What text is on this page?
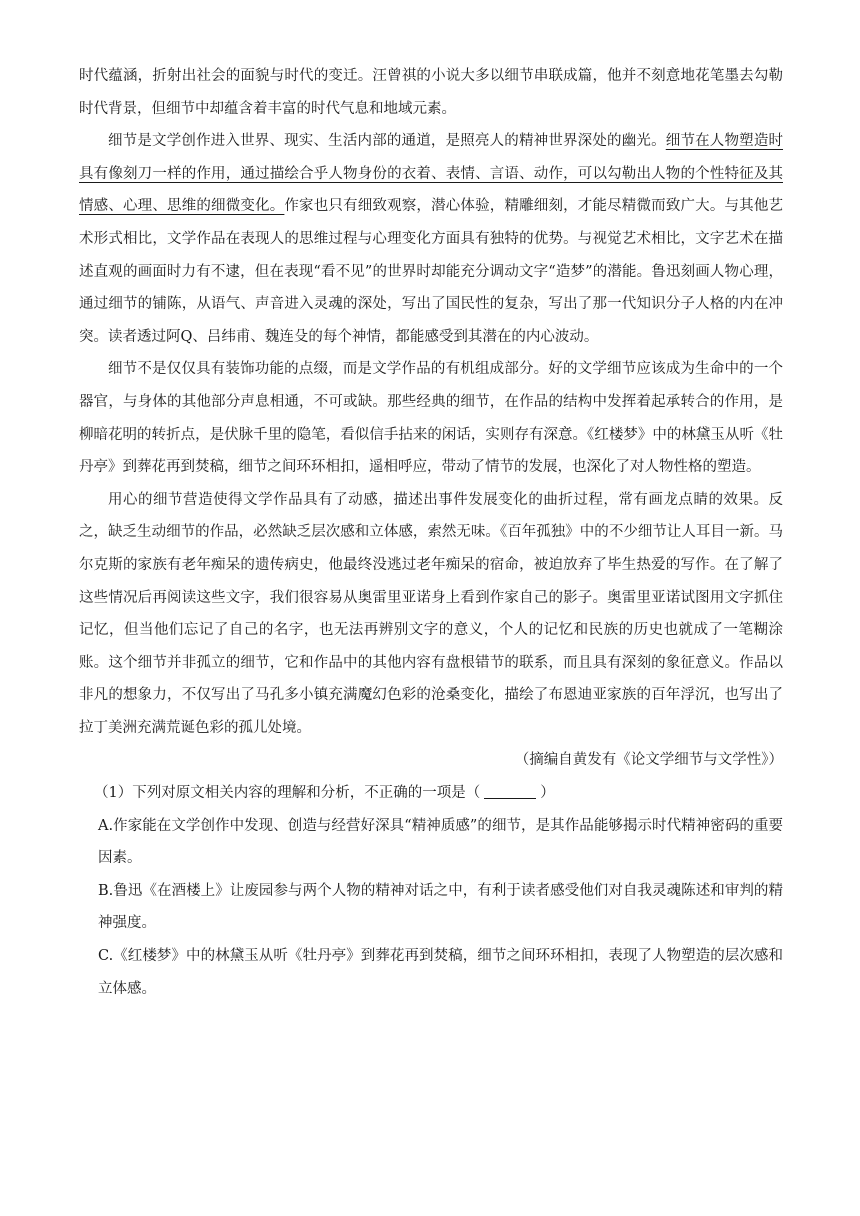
时代蕴涵，折射出社会的面貌与时代的变迁。汪曾祺的小说大多以细节串联成篇，他并不刻意地花笔墨去勾勒时代背景，但细节中却蕴含着丰富的时代气息和地域元素。

细节是文学创作进入世界、现实、生活内部的通道，是照亮人的精神世界深处的幽光。细节在人物塑造时具有像刻刀一样的作用，通过描绘合乎人物身份的衣着、表情、言语、动作，可以勾勒出人物的个性特征及其情感、心理、思维的细微变化。作家也只有细致观察，潜心体验，精雕细刻，才能尽精微而致广大。与其他艺术形式相比，文学作品在表现人的思维过程与心理变化方面具有独特的优势。与视觉艺术相比，文字艺术在描述直观的画面时力有不逮，但在表现“看不见”的世界时却能充分调动文字“造梦”的潜能。鲁迅刻画人物心理，通过细节的铺陈，从语气、声音进入灵魂的深处，写出了国民性的复杂，写出了那一代知识分子人格的内在冲突。读者透过阿Q、吕纬甫、魏连殳的每个神情，都能感受到其潜在的内心波动。

细节不是仅仅具有装饰功能的点缀，而是文学作品的有机组成部分。好的文学细节应该成为生命中的一个器官，与身体的其他部分声息相通，不可或缺。那些经典的细节，在作品的结构中发挥着起承转合的作用，是柳暗花明的转折点，是伏脉千里的隐笔，看似信手拈来的闲话，实则存有深意。《红楼梦》中的林黛玉从听《牡丹亭》到葬花再到焚稿，细节之间环环相扣，遥相呼应，带动了情节的发展，也深化了对人物性格的塑造。

用心的细节营造使得文学作品具有了动感，描述出事件发展变化的曲折过程，常有画龙点睛的效果。反之，缺乏生动细节的作品，必然缺乏层次感和立体感，索然无味。《百年孤独》中的不少细节让人耳目一新。马尔克斯的家族有老年痴呆的遗传病史，他最终没逃过老年痴呆的宿命，被迫放弃了毕生热爱的写作。在了解了这些情况后再阅读这些文字，我们很容易从奥雷里亚诺身上看到作家自己的影子。奥雷里亚诺试图用文字抓住记忆，但当他们忘记了自己的名字，也无法再辨别文字的意义，个人的记忆和民族的历史也就成了一笔糊涂账。这个细节并非孤立的细节，它和作品中的其他内容有盘根错节的联系，而且具有深刻的象征意义。作品以非凡的想象力，不仅写出了马孔多小镇充满魔幻色彩的沧桑变化，描绘了布恩迪亚家族的百年浮沉，也写出了拉丁美洲充满荒诞色彩的孤儿处境。

（摘编自黄发有《论文学细节与文学性》）

（1）下列对原文相关内容的理解和分析，不正确的一项是（	）

A.作家能在文学创作中发现、创造与经营好深具“精神质感”的细节，是其作品能够揭示时代精神密码的重要因素。

B.鲁迅《在酒楼上》让废园参与两个人物的精神对话之中，有利于读者感受他们对自我灵魂陈述和审判的精神强度。

C.《红楼梦》中的林黛玉从听《牡丹亭》到葬花再到焚稿，细节之间环环相扣，表现了人物塑造的层次感和立体感。
